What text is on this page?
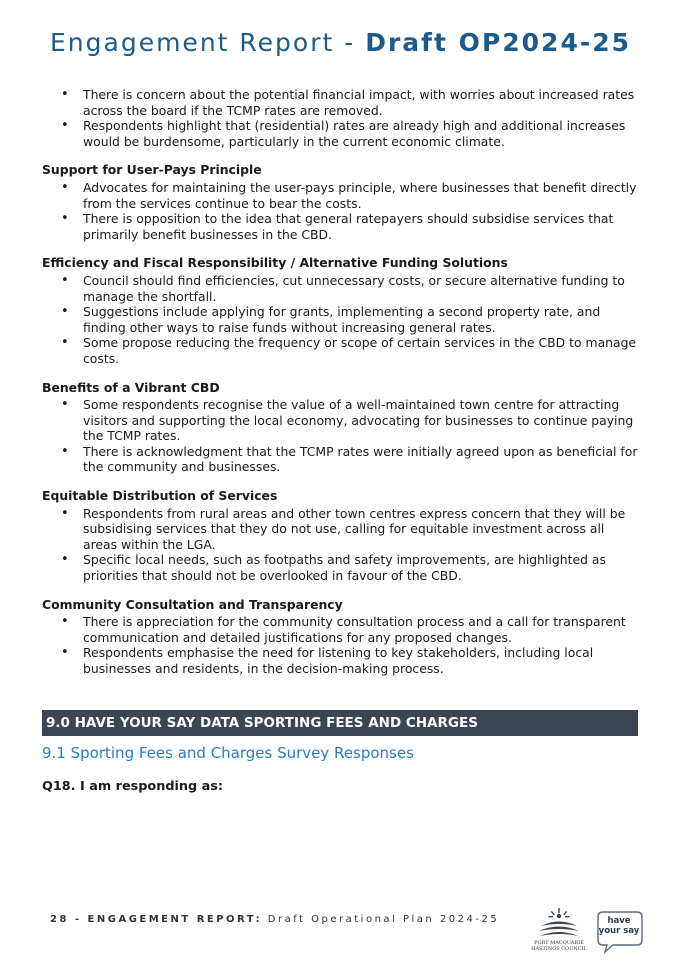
Engagement Report - Draft OP2024-25
• There is concern about the potential financial impact, with worries about increased rates across the board if the TCMP rates are removed.
• Respondents highlight that (residential) rates are already high and additional increases would be burdensome, particularly in the current economic climate.
Support for User-Pays Principle
• Advocates for maintaining the user-pays principle, where businesses that benefit directly from the services continue to bear the costs.
• There is opposition to the idea that general ratepayers should subsidise services that primarily benefit businesses in the CBD.
Efficiency and Fiscal Responsibility / Alternative Funding Solutions
• Council should find efficiencies, cut unnecessary costs, or secure alternative funding to manage the shortfall.
• Suggestions include applying for grants, implementing a second property rate, and finding other ways to raise funds without increasing general rates.
• Some propose reducing the frequency or scope of certain services in the CBD to manage costs.
Benefits of a Vibrant CBD
• Some respondents recognise the value of a well-maintained town centre for attracting visitors and supporting the local economy, advocating for businesses to continue paying the TCMP rates.
• There is acknowledgment that the TCMP rates were initially agreed upon as beneficial for the community and businesses.
Equitable Distribution of Services
• Respondents from rural areas and other town centres express concern that they will be subsidising services that they do not use, calling for equitable investment across all areas within the LGA.
• Specific local needs, such as footpaths and safety improvements, are highlighted as priorities that should not be overlooked in favour of the CBD.
Community Consultation and Transparency
• There is appreciation for the community consultation process and a call for transparent communication and detailed justifications for any proposed changes.
• Respondents emphasise the need for listening to key stakeholders, including local businesses and residents, in the decision-making process.
9.0 HAVE YOUR SAY DATA SPORTING FEES AND CHARGES
9.1 Sporting Fees and Charges Survey Responses
Q18. I am responding as:
28 - ENGAGEMENT REPORT: Draft Operational Plan 2024-25
PORT MACQUARIE
HASTINGS COUNCIL
have
your say
